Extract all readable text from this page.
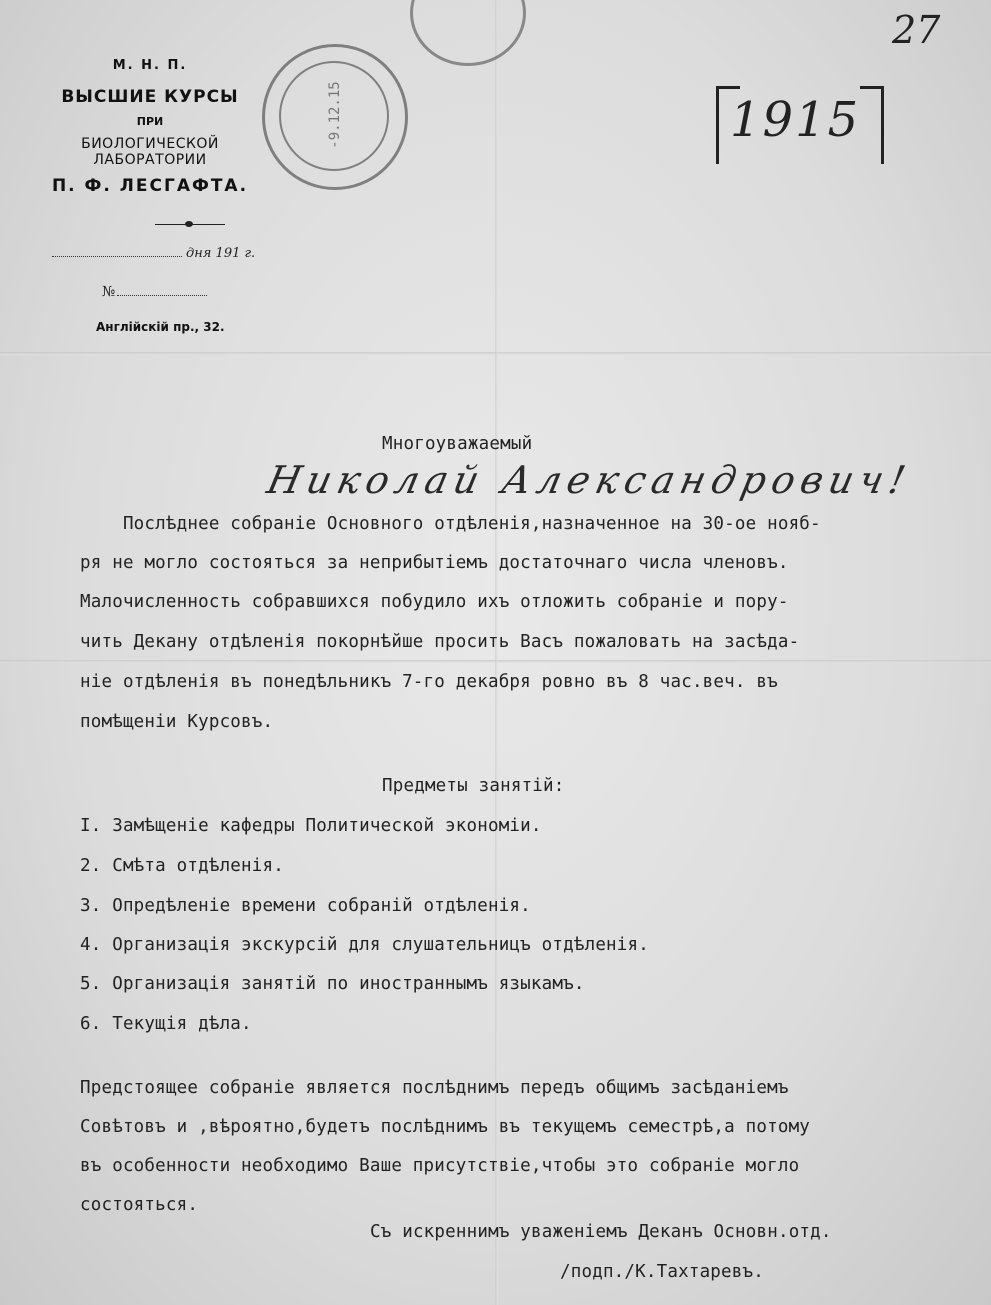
М. Н. П.
ВЫСШИЕ КУРСЫ
ПРИ
БИОЛОГИЧЕСКОЙ ЛАБОРАТОРИИ
П. Ф. ЛЕСГАФТА.
дня 191 г.
№
Англійскій пр., 32.
-9.12.15
27
1915
Многоуважаемый
Николай Александрович!
Послѣднее собраніе Основного отдѣленія,назначенное на 30-ое нояб-
ря не могло состояться за неприбытіемъ достаточнаго числа членовъ.
Малочисленность собравшихся побудило ихъ отложить собраніе и пору-
чить Декану отдѣленія покорнѣйше просить Васъ пожаловать на засѣда-
ніе отдѣленія въ понедѣльникъ 7-го декабря ровно въ 8 час.веч. въ
помѣщеніи Курсовъ.
Предметы занятій:
I. Замѣщеніе кафедры Политической экономіи.
2. Смѣта отдѣленія.
3. Опредѣленіе времени собраній отдѣленія.
4. Организація экскурсій для слушательницъ отдѣленія.
5. Организація занятій по иностраннымъ языкамъ.
6. Текущія дѣла.
Предстоящее собраніе является послѣднимъ передъ общимъ засѣданіемъ
Совѣтовъ и ,вѣроятно,будетъ послѣднимъ въ текущемъ семестрѣ,а потому
въ особенности необходимо Ваше присутствіе,чтобы это собраніе могло
состояться.
Съ искреннимъ уваженіемъ Деканъ Основн.отд.
/подп./К.Тахтаревъ.
